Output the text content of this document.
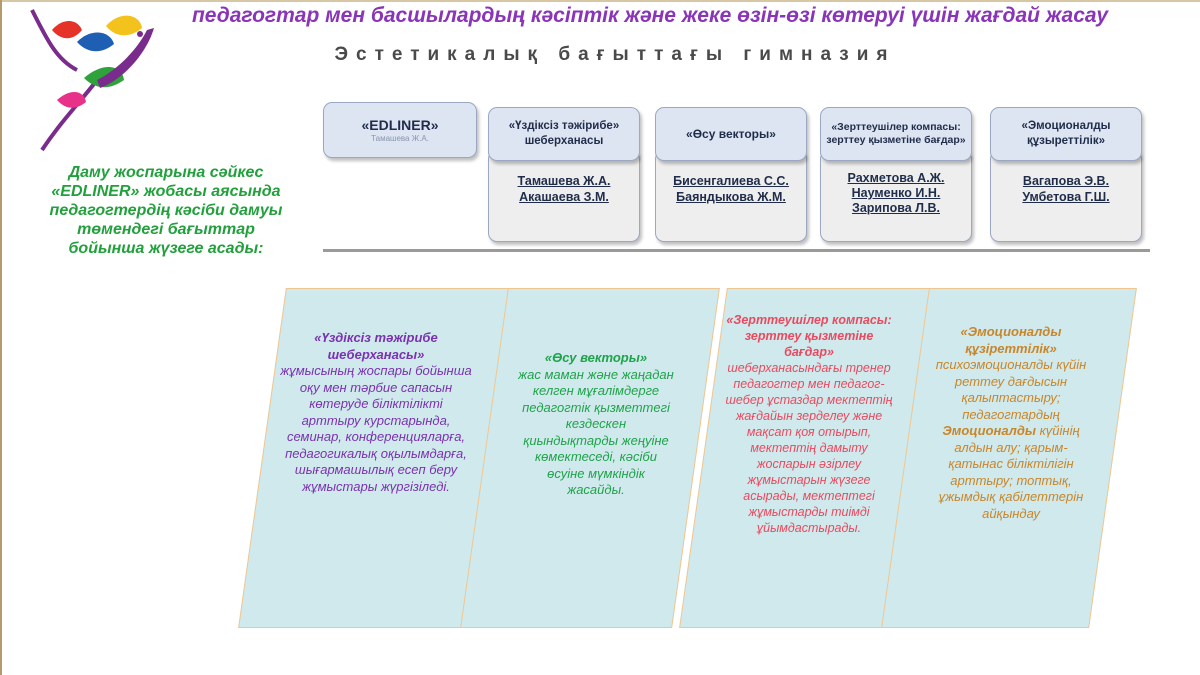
педагогтар мен басшылардың кәсіптік және жеке өзін-өзі көтеруі үшін жағдай жасау
Эстетикалық бағыттағы гимназия
Даму жоспарына сәйкес «EDLINER» жобасы аясында педагогтердің кәсіби дамуы төмендегі бағыттар бойынша жүзеге асады:
«EDLINER»
Тамашева Ж.А.
Тамашева Ж.А.
Акашаева З.М.
«Үздіксіз тәжірибе» шеберханасы
Бисенгалиева С.С.
Баяндыкова Ж.М.
«Өсу векторы»
Рахметова А.Ж.
Науменко И.Н.
Зарипова Л.В.
«Зерттеушілер компасы: зерттеу қызметіне бағдар»
Вагапова Э.В.
Умбетова Г.Ш.
«Эмоционалды құзыреттілік»
«Үздіксіз тәжірибе шеберханасы»
жұмысының жоспары бойынша оқу мен тәрбие сапасын көтеруде біліктілікті арттыру курстарында, семинар, конференцияларға, педагогикалық оқылымдарға, шығармашылық есеп беру жұмыстары жүргізіледі.
«Өсу векторы»
жас маман және жаңадан келген мұғалімдерге педагогтік қызметтегі кездескен қиындықтарды жеңуіне көмектеседі, кәсіби өсуіне мүмкіндік жасайды.
«Зерттеушілер компасы: зерттеу қызметіне бағдар»
шеберханасындағы тренер педагогтер мен педагог-шебер ұстаздар мектептің жағдайын зерделеу және мақсат қоя отырып, мектептің дамыту жоспарын әзірлеу жұмыстарын жүзеге асырады, мектептегі жұмыстарды тиімді ұйымдастырады.
«Эмоционалды құзіреттілік»
психоэмоционалды күйін реттеу дағдысын қалыптастыру; педагогтардың Эмоционалды күйінің алдын алу; қарым-қатынас біліктілігін арттыру; топтық, ұжымдық қабілеттерін айқындау
